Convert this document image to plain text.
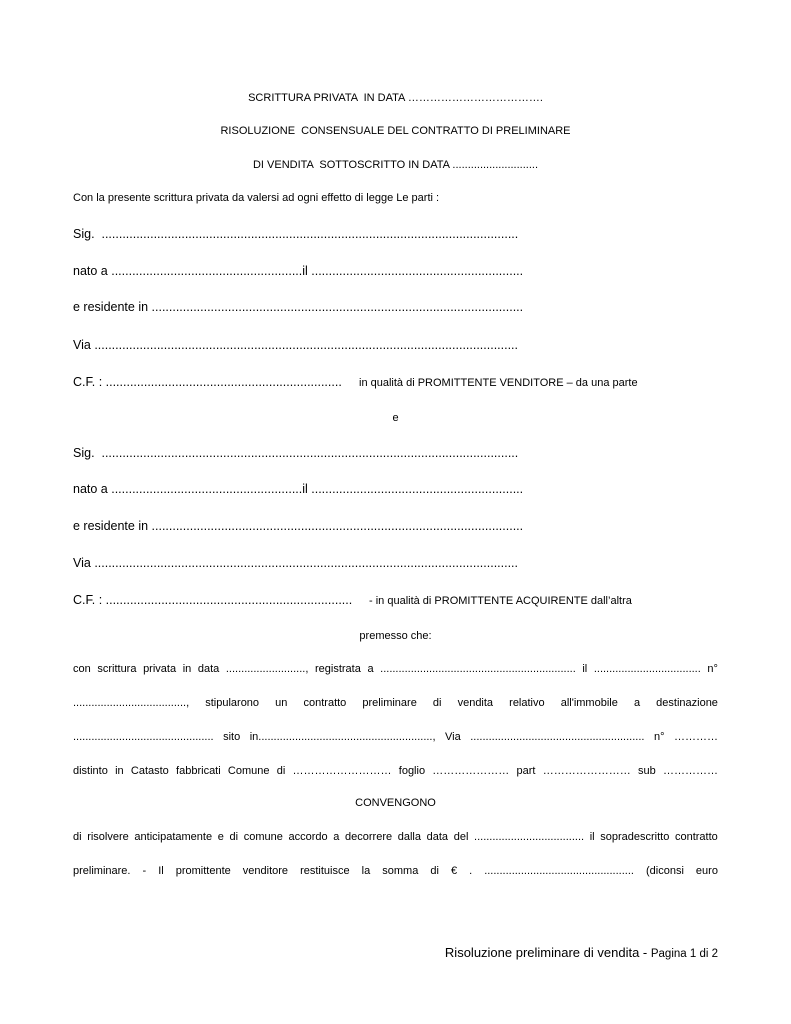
SCRITTURA PRIVATA  IN DATA ……………………………….
RISOLUZIONE  CONSENSUALE DEL CONTRATTO DI PRELIMINARE
DI VENDITA  SOTTOSCRITTO IN DATA ............................
Con la presente scrittura privata da valersi ad ogni effetto di legge Le parti :
Sig.  ........................................................................................................................
nato a .......................................................il .............................................................
e residente in ...........................................................................................................
Via ..........................................................................................................................
C.F. : .................................................................... in qualità di PROMITTENTE VENDITORE – da una parte
e
Sig.  ........................................................................................................................
nato a .......................................................il .............................................................
e residente in ...........................................................................................................
Via ..........................................................................................................................
C.F. : ....................................................................... - in qualità di PROMITTENTE ACQUIRENTE dall’altra
premesso che:
con scrittura privata in data .........................., registrata a ................................................................ il ................................... n°
....................................., stipularono un contratto preliminare di vendita relativo all'immobile a destinazione
.............................................. sito in........................................................., Via ......................................................... n° …………
distinto in Catasto fabbricati Comune di ……………………… foglio ………………… part …………………… sub ……………
CONVENGONO
di risolvere anticipatamente e di comune accordo a decorrere dalla data del .................................... il sopradescritto contratto
preliminare. - Il promittente venditore restituisce la somma di € . ................................................. (diconsi euro
Risoluzione preliminare di vendita - Pagina 1 di 2
